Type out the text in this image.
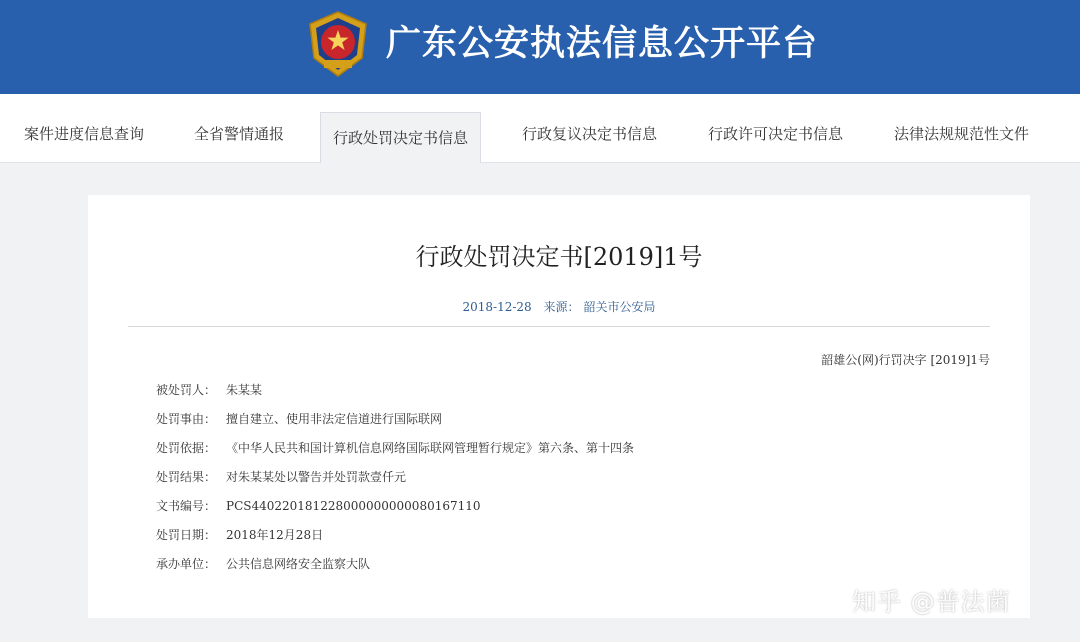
广东公安执法信息公开平台
案件进度信息查询	全省警情通报	行政处罚决定书信息	行政复议决定书信息	行政许可决定书信息	法律法规规范性文件
行政处罚决定书[2019]1号
2018-12-28 来源： 韶关市公安局
韶雄公(网)行罚决字 [2019]1号
被处罚人： 朱某某
处罚事由： 擅自建立、使用非法定信道进行国际联网
处罚依据： 《中华人民共和国计算机信息网络国际联网管理暂行规定》第六条、第十四条
处罚结果： 对朱某某处以警告并处罚款壹仟元
文书编号： PCS440220181228000000000080167110
处罚日期： 2018年12月28日
承办单位： 公共信息网络安全监察大队
知乎 @普法菌
